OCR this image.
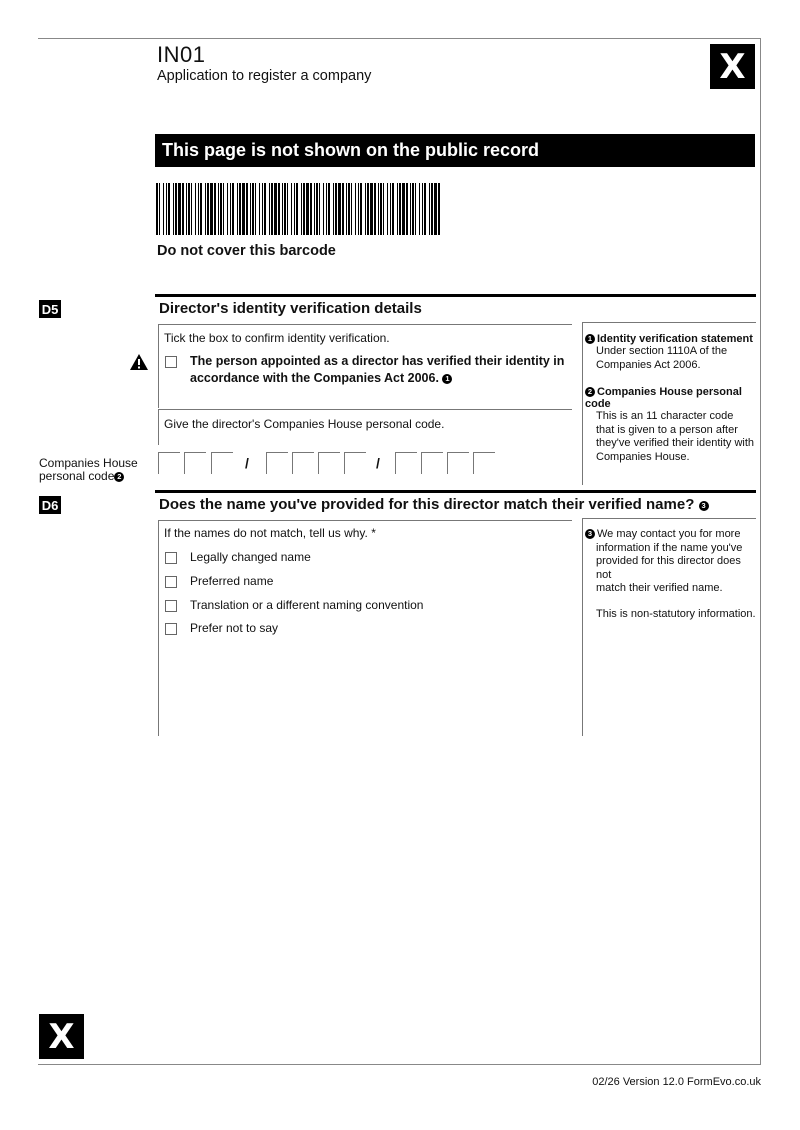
IN01
Application to register a company	X
This page is not shown on the public record
Do not cover this barcode
D5	Director's identity verification details
Tick the box to confirm identity verification.
The person appointed as a director has verified their identity in
accordance with the Companies Act 2006. 1
Give the director's Companies House personal code.
Companies House
personal code 2
/	/
1 Identity verification statement
Under section 1110A of the
Companies Act 2006.
2 Companies House personal code
This is an 11 character code
that is given to a person after
they've verified their identity with
Companies House.
D6	Does the name you've provided for this director match their verified name? 3
If the names do not match, tell us why. *
Legally changed name
Preferred name
Translation or a different naming convention
Prefer not to say
3 We may contact you for more
information if the name you've
provided for this director does not
match their verified name.
This is non-statutory information.
X
02/26 Version 12.0 FormEvo.co.uk
